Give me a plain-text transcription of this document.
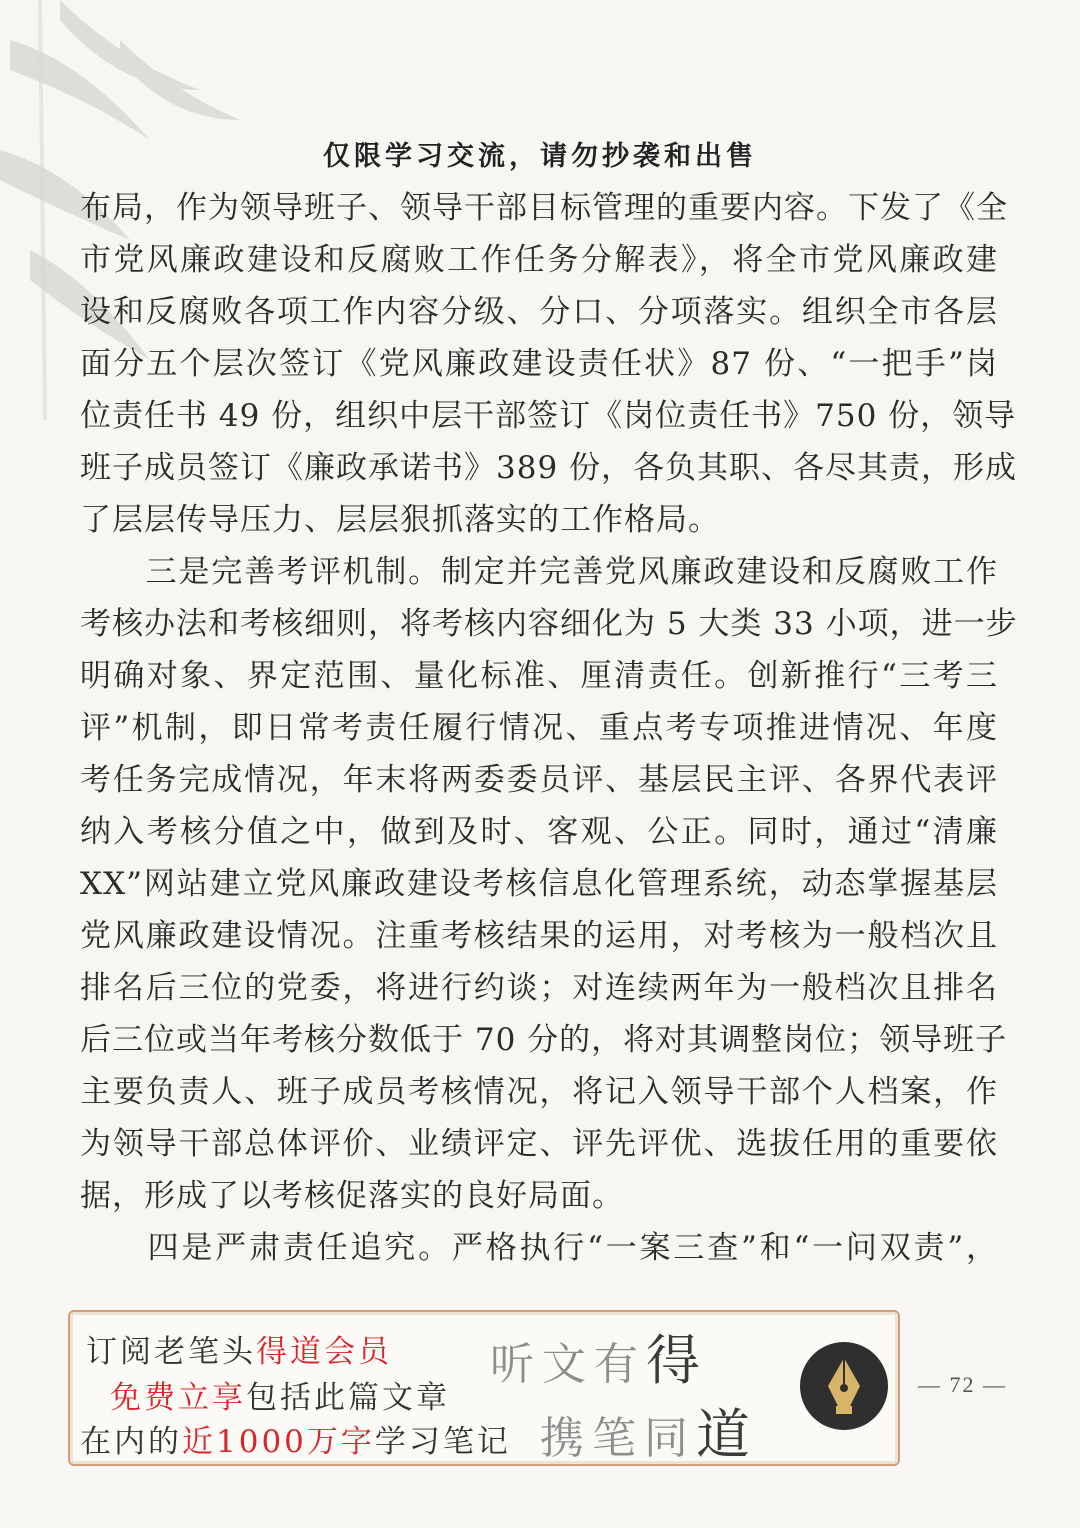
仅限学习交流，请勿抄袭和出售
布局，作为领导班子、领导干部目标管理的重要内容。下发了《全
市党风廉政建设和反腐败工作任务分解表》，将全市党风廉政建
设和反腐败各项工作内容分级、分口、分项落实。组织全市各层
面分五个层次签订《党风廉政建设责任状》87 份、“一把手”岗
位责任书 49 份，组织中层干部签订《岗位责任书》750 份，领导
班子成员签订《廉政承诺书》389 份，各负其职、各尽其责，形成
了层层传导压力、层层狠抓落实的工作格局。
　　三是完善考评机制。制定并完善党风廉政建设和反腐败工作
考核办法和考核细则，将考核内容细化为 5 大类 33 小项，进一步
明确对象、界定范围、量化标准、厘清责任。创新推行“三考三
评”机制，即日常考责任履行情况、重点考专项推进情况、年度
考任务完成情况，年末将两委委员评、基层民主评、各界代表评
纳入考核分值之中，做到及时、客观、公正。同时，通过“清廉
XX”网站建立党风廉政建设考核信息化管理系统，动态掌握基层
党风廉政建设情况。注重考核结果的运用，对考核为一般档次且
排名后三位的党委，将进行约谈；对连续两年为一般档次且排名
后三位或当年考核分数低于 70 分的，将对其调整岗位；领导班子
主要负责人、班子成员考核情况，将记入领导干部个人档案，作
为领导干部总体评价、业绩评定、评先评优、选拔任用的重要依
据，形成了以考核促落实的良好局面。
　　四是严肃责任追究。严格执行“一案三查”和“一问双责”，
订阅老笔头得道会员
免费立享包括此篇文章
在内的近1000万字学习笔记
听文有得
携笔同道
— 72 —
